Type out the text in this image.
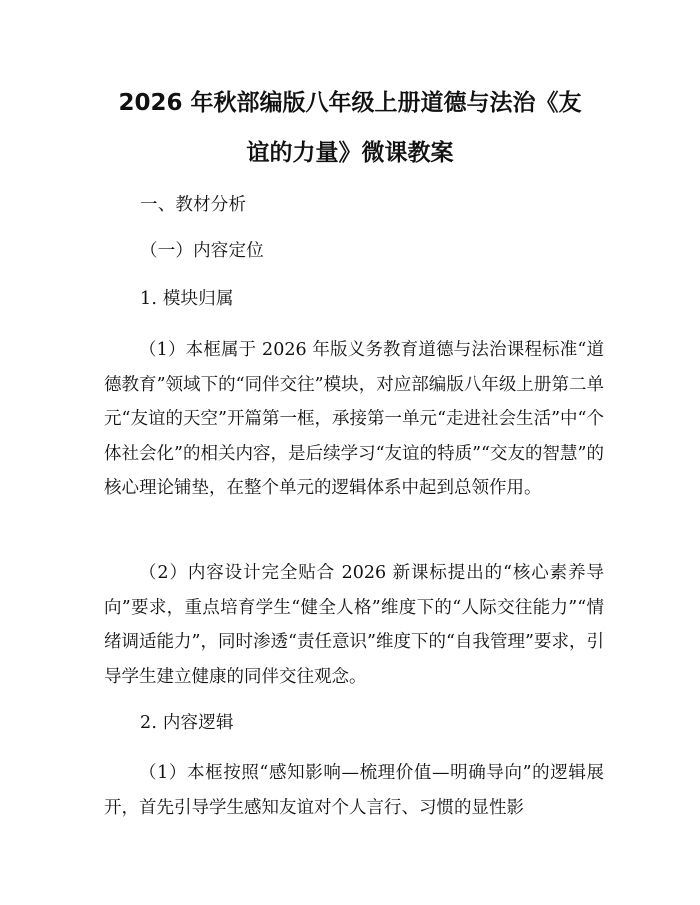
2026 年秋部编版八年级上册道德与法治《友
谊的力量》微课教案
一、教材分析
（一）内容定位
1. 模块归属

（1）本框属于 2026 年版义务教育道德与法治课程标准“道德教育”领域下的“同伴交往”模块，对应部编版八年级上册第二单元“友谊的天空”开篇第一框，承接第一单元“走进社会生活”中“个体社会化”的相关内容，是后续学习“友谊的特质”“交友的智慧”的核心理论铺垫，在整个单元的逻辑体系中起到总领作用。

（2）内容设计完全贴合 2026 新课标提出的“核心素养导向”要求，重点培育学生“健全人格”维度下的“人际交往能力”“情绪调适能力”，同时渗透“责任意识”维度下的“自我管理”要求，引导学生建立健康的同伴交往观念。

2. 内容逻辑

（1）本框按照“感知影响—梳理价值—明确导向”的逻辑展开，首先引导学生感知友谊对个人言行、习惯的显性影
